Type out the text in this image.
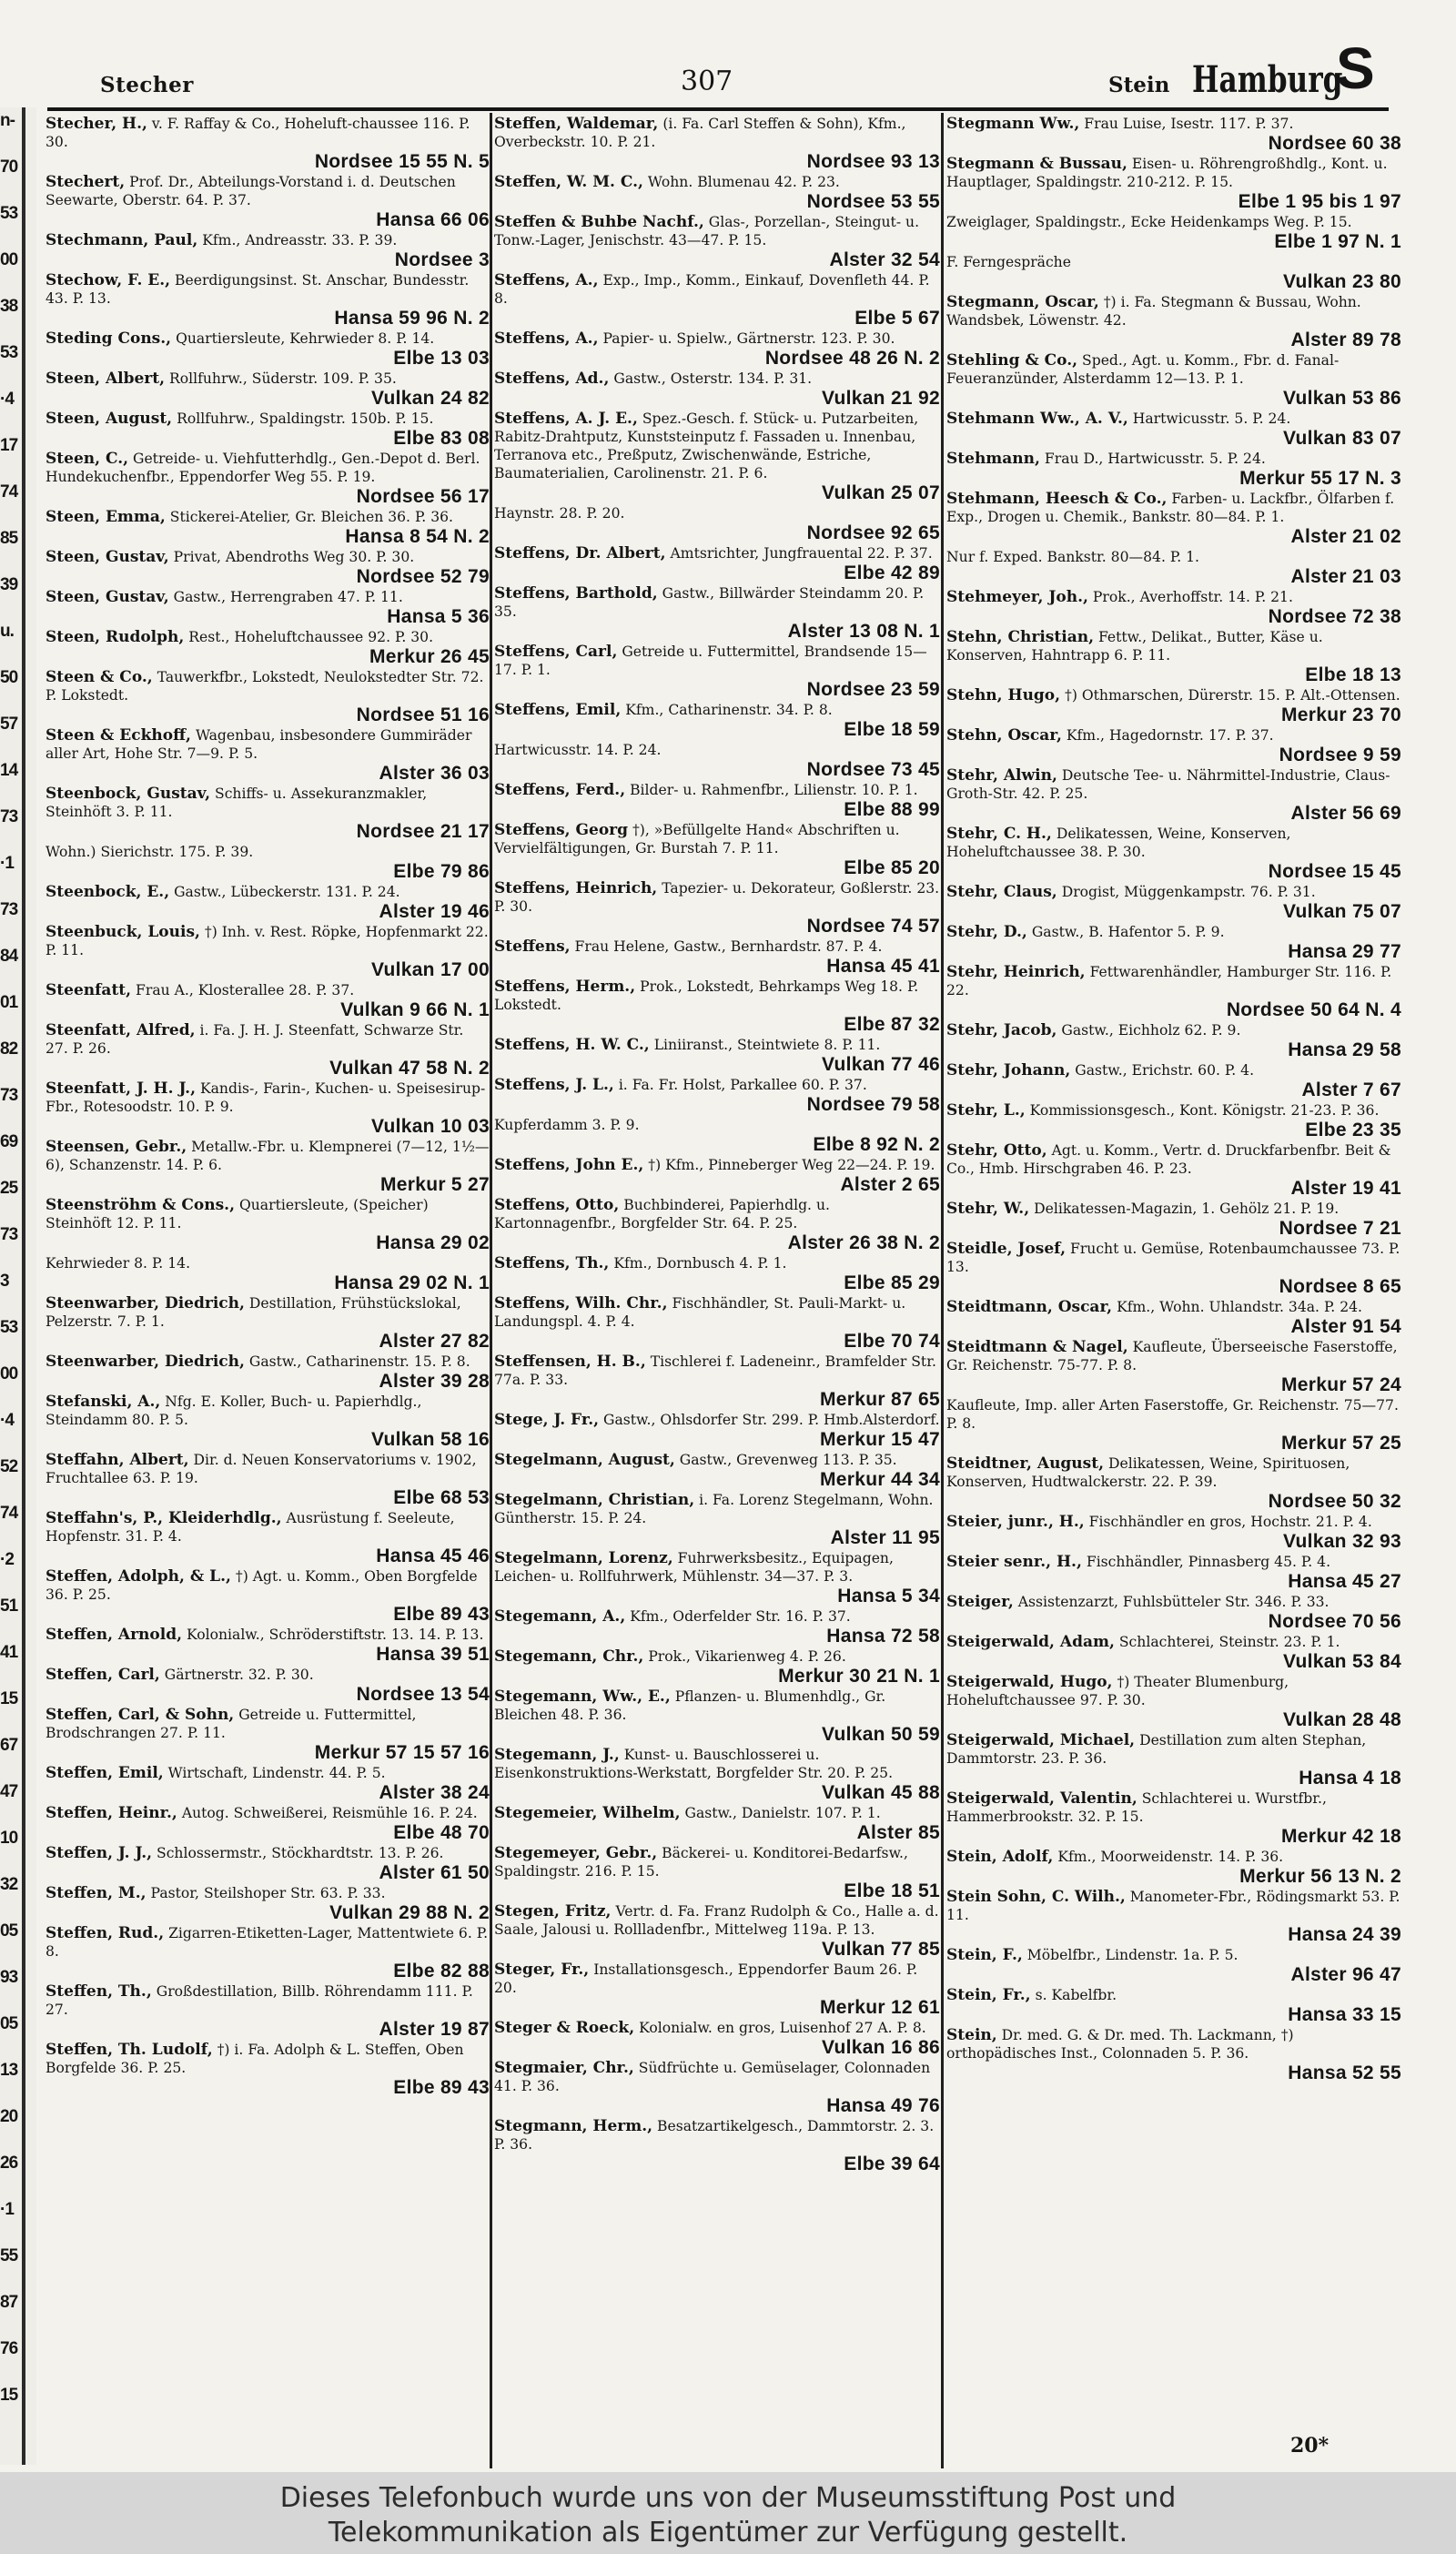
n-
70
53
00
38
53
·4
17
74
85
39
u.
50
57
14
73
·1
73
84
01
82
73
69
25
73
3
53
00
·4
52
74
·2
51
41
15
67
47
10
32
05
93
05
13
20
26
·1
55
87
76
15
Stecher	307	Stein Hamburg
S
Stecher, H., v. F. Raffay & Co., Hoheluft-chaussee 116. P. 30.
Nordsee 15 55 N. 5
Stechert, Prof. Dr., Abteilungs-Vorstand i. d. Deutschen Seewarte, Oberstr. 64. P. 37.
Hansa 66 06
Stechmann, Paul, Kfm., Andreasstr. 33. P. 39.
Nordsee 3
Stechow, F. E., Beerdigungsinst. St. Anschar, Bundesstr. 43. P. 13.
Hansa 59 96 N. 2
Steding Cons., Quartiersleute, Kehrwieder 8. P. 14.
Elbe 13 03
Steen, Albert, Rollfuhrw., Süderstr. 109. P. 35.
Vulkan 24 82
Steen, August, Rollfuhrw., Spaldingstr. 150b. P. 15.
Elbe 83 08
Steen, C., Getreide- u. Viehfutterhdlg., Gen.-Depot d. Berl. Hundekuchenfbr., Eppendorfer Weg 55. P. 19.
Nordsee 56 17
Steen, Emma, Stickerei-Atelier, Gr. Bleichen 36. P. 36.
Hansa 8 54 N. 2
Steen, Gustav, Privat, Abendroths Weg 30. P. 30.
Nordsee 52 79
Steen, Gustav, Gastw., Herrengraben 47. P. 11.
Hansa 5 36
Steen, Rudolph, Rest., Hoheluftchaussee 92. P. 30.
Merkur 26 45
Steen & Co., Tauwerkfbr., Lokstedt, Neulokstedter Str. 72. P. Lokstedt.
Nordsee 51 16
Steen & Eckhoff, Wagenbau, insbesondere Gummiräder aller Art, Hohe Str. 7—9. P. 5.
Alster 36 03
Steenbock, Gustav, Schiffs- u. Assekuranzmakler, Steinhöft 3. P. 11.
Nordsee 21 17
Wohn.) Sierichstr. 175. P. 39.
Elbe 79 86
Steenbock, E., Gastw., Lübeckerstr. 131. P. 24.
Alster 19 46
Steenbuck, Louis, †) Inh. v. Rest. Röpke, Hopfenmarkt 22. P. 11.
Vulkan 17 00
Steenfatt, Frau A., Klosterallee 28. P. 37.
Vulkan 9 66 N. 1
Steenfatt, Alfred, i. Fa. J. H. J. Steenfatt, Schwarze Str. 27. P. 26.
Vulkan 47 58 N. 2
Steenfatt, J. H. J., Kandis-, Farin-, Kuchen- u. Speisesirup-Fbr., Rotesoodstr. 10. P. 9.
Vulkan 10 03
Steensen, Gebr., Metallw.-Fbr. u. Klempnerei (7—12, 1½—6), Schanzenstr. 14. P. 6.
Merkur 5 27
Steenströhm & Cons., Quartiersleute, (Speicher) Steinhöft 12. P. 11.
Hansa 29 02
Kehrwieder 8. P. 14.
Hansa 29 02 N. 1
Steenwarber, Diedrich, Destillation, Frühstückslokal, Pelzerstr. 7. P. 1.
Alster 27 82
Steenwarber, Diedrich, Gastw., Catharinenstr. 15. P. 8.
Alster 39 28
Stefanski, A., Nfg. E. Koller, Buch- u. Papierhdlg., Steindamm 80. P. 5.
Vulkan 58 16
Steffahn, Albert, Dir. d. Neuen Konservatoriums v. 1902, Fruchtallee 63. P. 19.
Elbe 68 53
Steffahn's, P., Kleiderhdlg., Ausrüstung f. Seeleute, Hopfenstr. 31. P. 4.
Hansa 45 46
Steffen, Adolph, & L., †) Agt. u. Komm., Oben Borgfelde 36. P. 25.
Elbe 89 43
Steffen, Arnold, Kolonialw., Schröderstiftstr. 13. 14. P. 13.
Hansa 39 51
Steffen, Carl, Gärtnerstr. 32. P. 30.
Nordsee 13 54
Steffen, Carl, & Sohn, Getreide u. Futtermittel, Brodschrangen 27. P. 11.
Merkur 57 15 57 16
Steffen, Emil, Wirtschaft, Lindenstr. 44. P. 5.
Alster 38 24
Steffen, Heinr., Autog. Schweißerei, Reismühle 16. P. 24.
Elbe 48 70
Steffen, J. J., Schlossermstr., Stöckhardtstr. 13. P. 26.
Alster 61 50
Steffen, M., Pastor, Steilshoper Str. 63. P. 33.
Vulkan 29 88 N. 2
Steffen, Rud., Zigarren-Etiketten-Lager, Mattentwiete 6. P. 8.
Elbe 82 88
Steffen, Th., Großdestillation, Billb. Röhrendamm 111. P. 27.
Alster 19 87
Steffen, Th. Ludolf, †) i. Fa. Adolph & L. Steffen, Oben Borgfelde 36. P. 25.
Elbe 89 43
Steffen, Waldemar, (i. Fa. Carl Steffen & Sohn), Kfm., Overbeckstr. 10. P. 21.
Nordsee 93 13
Steffen, W. M. C., Wohn. Blumenau 42. P. 23.
Nordsee 53 55
Steffen & Buhbe Nachf., Glas-, Porzellan-, Steingut- u. Tonw.-Lager, Jenischstr. 43—47. P. 15.
Alster 32 54
Steffens, A., Exp., Imp., Komm., Einkauf, Dovenfleth 44. P. 8.
Elbe 5 67
Steffens, A., Papier- u. Spielw., Gärtnerstr. 123. P. 30.
Nordsee 48 26 N. 2
Steffens, Ad., Gastw., Osterstr. 134. P. 31.
Vulkan 21 92
Steffens, A. J. E., Spez.-Gesch. f. Stück- u. Putzarbeiten, Rabitz-Drahtputz, Kunststeinputz f. Fassaden u. Innenbau, Terranova etc., Preßputz, Zwischenwände, Estriche, Baumaterialien, Carolinenstr. 21. P. 6.
Vulkan 25 07
Haynstr. 28. P. 20.
Nordsee 92 65
Steffens, Dr. Albert, Amtsrichter, Jungfrauental 22. P. 37.
Elbe 42 89
Steffens, Barthold, Gastw., Billwärder Steindamm 20. P. 35.
Alster 13 08 N. 1
Steffens, Carl, Getreide u. Futtermittel, Brandsende 15—17. P. 1.
Nordsee 23 59
Steffens, Emil, Kfm., Catharinenstr. 34. P. 8.
Elbe 18 59
Hartwicusstr. 14. P. 24.
Nordsee 73 45
Steffens, Ferd., Bilder- u. Rahmenfbr., Lilienstr. 10. P. 1.
Elbe 88 99
Steffens, Georg †), »Befüllgelte Hand« Abschriften u. Vervielfältigungen, Gr. Burstah 7. P. 11.
Elbe 85 20
Steffens, Heinrich, Tapezier- u. Dekorateur, Goßlerstr. 23. P. 30.
Nordsee 74 57
Steffens, Frau Helene, Gastw., Bernhardstr. 87. P. 4.
Hansa 45 41
Steffens, Herm., Prok., Lokstedt, Behrkamps Weg 18. P. Lokstedt.
Elbe 87 32
Steffens, H. W. C., Liniiranst., Steintwiete 8. P. 11.
Vulkan 77 46
Steffens, J. L., i. Fa. Fr. Holst, Parkallee 60. P. 37.
Nordsee 79 58
Kupferdamm 3. P. 9.
Elbe 8 92 N. 2
Steffens, John E., †) Kfm., Pinneberger Weg 22—24. P. 19.
Alster 2 65
Steffens, Otto, Buchbinderei, Papierhdlg. u. Kartonnagenfbr., Borgfelder Str. 64. P. 25.
Alster 26 38 N. 2
Steffens, Th., Kfm., Dornbusch 4. P. 1.
Elbe 85 29
Steffens, Wilh. Chr., Fischhändler, St. Pauli-Markt- u. Landungspl. 4. P. 4.
Elbe 70 74
Steffensen, H. B., Tischlerei f. Ladeneinr., Bramfelder Str. 77a. P. 33.
Merkur 87 65
Stege, J. Fr., Gastw., Ohlsdorfer Str. 299. P. Hmb.Alsterdorf.
Merkur 15 47
Stegelmann, August, Gastw., Grevenweg 113. P. 35.
Merkur 44 34
Stegelmann, Christian, i. Fa. Lorenz Stegelmann, Wohn. Güntherstr. 15. P. 24.
Alster 11 95
Stegelmann, Lorenz, Fuhrwerksbesitz., Equipagen, Leichen- u. Rollfuhrwerk, Mühlenstr. 34—37. P. 3.
Hansa 5 34
Stegemann, A., Kfm., Oderfelder Str. 16. P. 37.
Hansa 72 58
Stegemann, Chr., Prok., Vikarienweg 4. P. 26.
Merkur 30 21 N. 1
Stegemann, Ww., E., Pflanzen- u. Blumenhdlg., Gr. Bleichen 48. P. 36.
Vulkan 50 59
Stegemann, J., Kunst- u. Bauschlosserei u. Eisenkonstruktions-Werkstatt, Borgfelder Str. 20. P. 25.
Vulkan 45 88
Stegemeier, Wilhelm, Gastw., Danielstr. 107. P. 1.
Alster 85
Stegemeyer, Gebr., Bäckerei- u. Konditorei-Bedarfsw., Spaldingstr. 216. P. 15.
Elbe 18 51
Stegen, Fritz, Vertr. d. Fa. Franz Rudolph & Co., Halle a. d. Saale, Jalousi u. Rollladenfbr., Mittelweg 119a. P. 13.
Vulkan 77 85
Steger, Fr., Installationsgesch., Eppendorfer Baum 26. P. 20.
Merkur 12 61
Steger & Roeck, Kolonialw. en gros, Luisenhof 27 A. P. 8.
Vulkan 16 86
Stegmaier, Chr., Südfrüchte u. Gemüselager, Colonnaden 41. P. 36.
Hansa 49 76
Stegmann, Herm., Besatzartikelgesch., Dammtorstr. 2. 3. P. 36.
Elbe 39 64
Stegmann Ww., Frau Luise, Isestr. 117. P. 37.
Nordsee 60 38
Stegmann & Bussau, Eisen- u. Röhrengroßhdlg., Kont. u. Hauptlager, Spaldingstr. 210-212. P. 15.
Elbe 1 95 bis 1 97
Zweiglager, Spaldingstr., Ecke Heidenkamps Weg. P. 15.
Elbe 1 97 N. 1
F. Ferngespräche
Vulkan 23 80
Stegmann, Oscar, †) i. Fa. Stegmann & Bussau, Wohn. Wandsbek, Löwenstr. 42.
Alster 89 78
Stehling & Co., Sped., Agt. u. Komm., Fbr. d. Fanal-Feueranzünder, Alsterdamm 12—13. P. 1.
Vulkan 53 86
Stehmann Ww., A. V., Hartwicusstr. 5. P. 24.
Vulkan 83 07
Stehmann, Frau D., Hartwicusstr. 5. P. 24.
Merkur 55 17 N. 3
Stehmann, Heesch & Co., Farben- u. Lackfbr., Ölfarben f. Exp., Drogen u. Chemik., Bankstr. 80—84. P. 1.
Alster 21 02
Nur f. Exped. Bankstr. 80—84. P. 1.
Alster 21 03
Stehmeyer, Joh., Prok., Averhoffstr. 14. P. 21.
Nordsee 72 38
Stehn, Christian, Fettw., Delikat., Butter, Käse u. Konserven, Hahntrapp 6. P. 11.
Elbe 18 13
Stehn, Hugo, †) Othmarschen, Dürerstr. 15. P. Alt.-Ottensen.
Merkur 23 70
Stehn, Oscar, Kfm., Hagedornstr. 17. P. 37.
Nordsee 9 59
Stehr, Alwin, Deutsche Tee- u. Nährmittel-Industrie, Claus-Groth-Str. 42. P. 25.
Alster 56 69
Stehr, C. H., Delikatessen, Weine, Konserven, Hoheluftchaussee 38. P. 30.
Nordsee 15 45
Stehr, Claus, Drogist, Müggenkampstr. 76. P. 31.
Vulkan 75 07
Stehr, D., Gastw., B. Hafentor 5. P. 9.
Hansa 29 77
Stehr, Heinrich, Fettwarenhändler, Hamburger Str. 116. P. 22.
Nordsee 50 64 N. 4
Stehr, Jacob, Gastw., Eichholz 62. P. 9.
Hansa 29 58
Stehr, Johann, Gastw., Erichstr. 60. P. 4.
Alster 7 67
Stehr, L., Kommissionsgesch., Kont. Königstr. 21-23. P. 36.
Elbe 23 35
Stehr, Otto, Agt. u. Komm., Vertr. d. Druckfarbenfbr. Beit & Co., Hmb. Hirschgraben 46. P. 23.
Alster 19 41
Stehr, W., Delikatessen-Magazin, 1. Gehölz 21. P. 19.
Nordsee 7 21
Steidle, Josef, Frucht u. Gemüse, Rotenbaumchaussee 73. P. 13.
Nordsee 8 65
Steidtmann, Oscar, Kfm., Wohn. Uhlandstr. 34a. P. 24.
Alster 91 54
Steidtmann & Nagel, Kaufleute, Überseeische Faserstoffe, Gr. Reichenstr. 75-77. P. 8.
Merkur 57 24
Kaufleute, Imp. aller Arten Faserstoffe, Gr. Reichenstr. 75—77. P. 8.
Merkur 57 25
Steidtner, August, Delikatessen, Weine, Spirituosen, Konserven, Hudtwalckerstr. 22. P. 39.
Nordsee 50 32
Steier, junr., H., Fischhändler en gros, Hochstr. 21. P. 4.
Vulkan 32 93
Steier senr., H., Fischhändler, Pinnasberg 45. P. 4.
Hansa 45 27
Steiger, Assistenzarzt, Fuhlsbütteler Str. 346. P. 33.
Nordsee 70 56
Steigerwald, Adam, Schlachterei, Steinstr. 23. P. 1.
Vulkan 53 84
Steigerwald, Hugo, †) Theater Blumenburg, Hoheluftchaussee 97. P. 30.
Vulkan 28 48
Steigerwald, Michael, Destillation zum alten Stephan, Dammtorstr. 23. P. 36.
Hansa 4 18
Steigerwald, Valentin, Schlachterei u. Wurstfbr., Hammerbrookstr. 32. P. 15.
Merkur 42 18
Stein, Adolf, Kfm., Moorweidenstr. 14. P. 36.
Merkur 56 13 N. 2
Stein Sohn, C. Wilh., Manometer-Fbr., Rödingsmarkt 53. P. 11.
Hansa 24 39
Stein, F., Möbelfbr., Lindenstr. 1a. P. 5.
Alster 96 47
Stein, Fr., s. Kabelfbr.
Hansa 33 15
Stein, Dr. med. G. & Dr. med. Th. Lackmann, †) orthopädisches Inst., Colonnaden 5. P. 36.
Hansa 52 55
20*
Dieses Telefonbuch wurde uns von der Museumsstiftung Post und
Telekommunikation als Eigentümer zur Verfügung gestellt.
